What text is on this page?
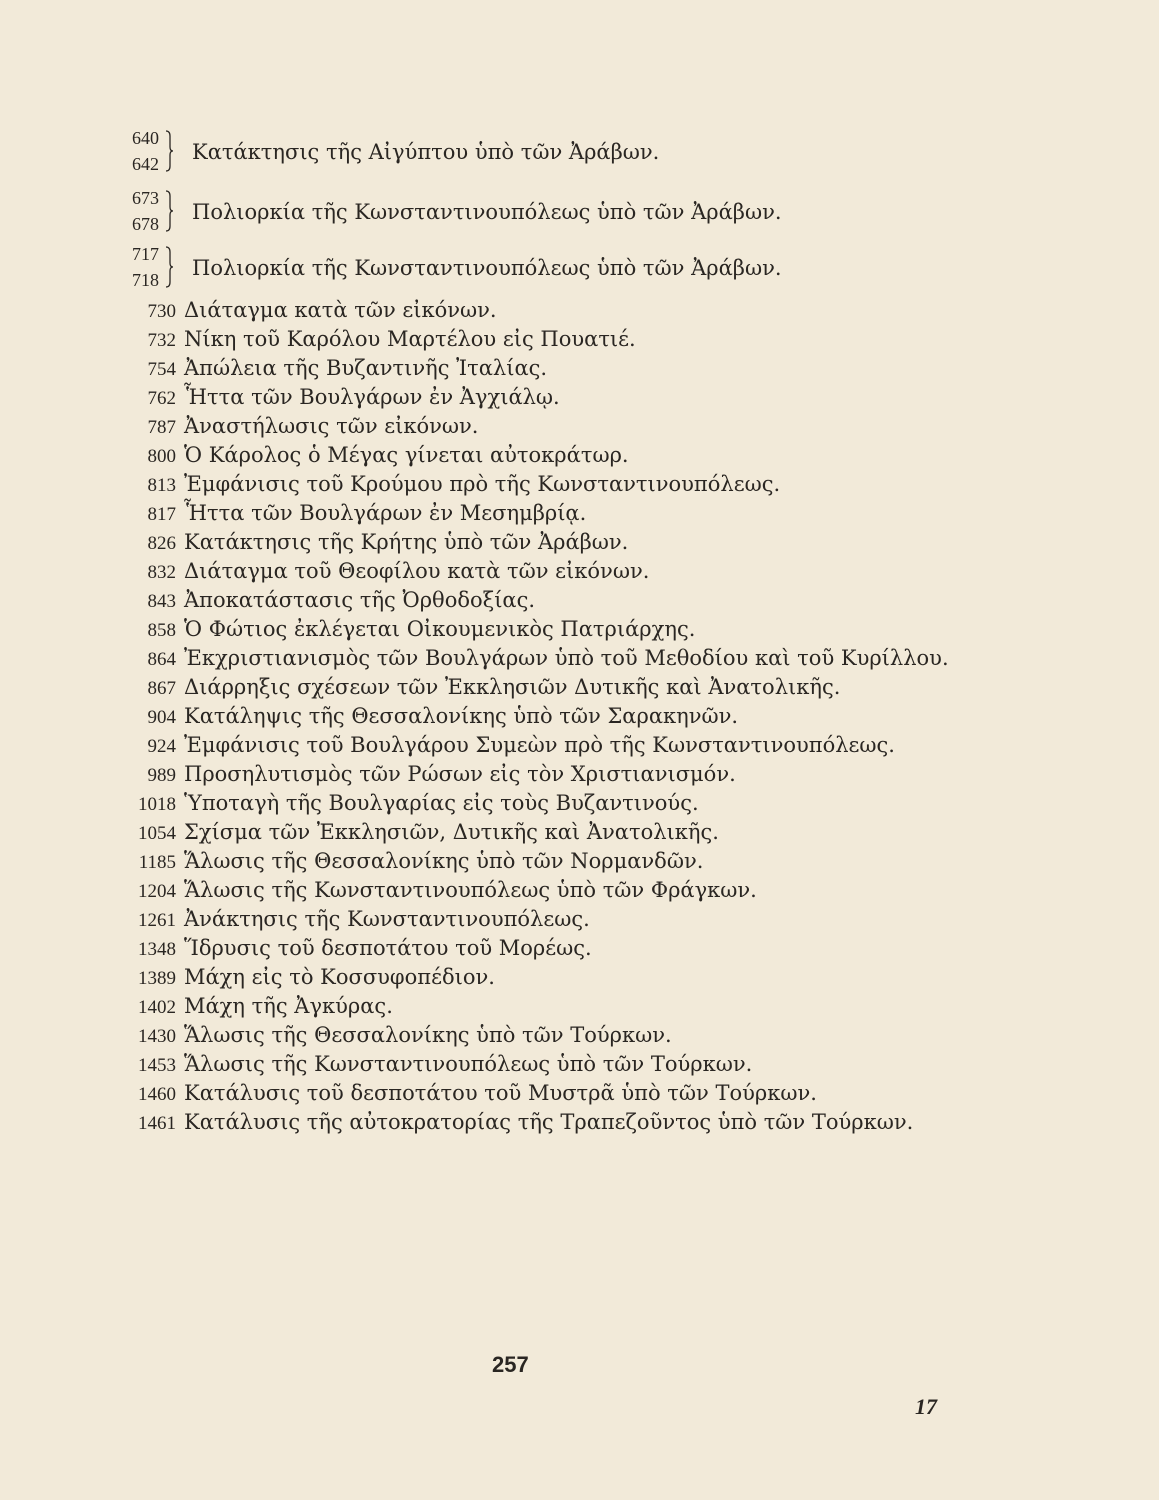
640
642 Κατάκτησις τῆς Αἰγύπτου ὑπὸ τῶν Ἀράβων.
673
678 Πολιορκία τῆς Κωνσταντινουπόλεως ὑπὸ τῶν Ἀράβων.
717
718 Πολιορκία τῆς Κωνσταντινουπόλεως ὑπὸ τῶν Ἀράβων.
730 Διάταγμα κατὰ τῶν εἰκόνων.
732 Νίκη τοῦ Καρόλου Μαρτέλου εἰς Πουατιέ.
754 Ἀπώλεια τῆς Βυζαντινῆς Ἰταλίας.
762 Ἧττα τῶν Βουλγάρων ἐν Ἀγχιάλῳ.
787 Ἀναστήλωσις τῶν εἰκόνων.
800 Ὁ Κάρολος ὁ Μέγας γίνεται αὐτοκράτωρ.
813 Ἐμφάνισις τοῦ Κρούμου πρὸ τῆς Κωνσταντινουπόλεως.
817 Ἧττα τῶν Βουλγάρων ἐν Μεσημβρίᾳ.
826 Κατάκτησις τῆς Κρήτης ὑπὸ τῶν Ἀράβων.
832 Διάταγμα τοῦ Θεοφίλου κατὰ τῶν εἰκόνων.
843 Ἀποκατάστασις τῆς Ὀρθοδοξίας.
858 Ὁ Φώτιος ἐκλέγεται Οἰκουμενικὸς Πατριάρχης.
864 Ἐκχριστιανισμὸς τῶν Βουλγάρων ὑπὸ τοῦ Μεθοδίου καὶ τοῦ Κυρίλλου.
867 Διάρρηξις σχέσεων τῶν Ἐκκλησιῶν Δυτικῆς καὶ Ἀνατολικῆς.
904 Κατάληψις τῆς Θεσσαλονίκης ὑπὸ τῶν Σαρακηνῶν.
924 Ἐμφάνισις τοῦ Βουλγάρου Συμεὼν πρὸ τῆς Κωνσταντινουπόλεως.
989 Προσηλυτισμὸς τῶν Ρώσων εἰς τὸν Χριστιανισμόν.
1018 Ὑποταγὴ τῆς Βουλγαρίας εἰς τοὺς Βυζαντινούς.
1054 Σχίσμα τῶν Ἐκκλησιῶν, Δυτικῆς καὶ Ἀνατολικῆς.
1185 Ἅλωσις τῆς Θεσσαλονίκης ὑπὸ τῶν Νορμανδῶν.
1204 Ἅλωσις τῆς Κωνσταντινουπόλεως ὑπὸ τῶν Φράγκων.
1261 Ἀνάκτησις τῆς Κωνσταντινουπόλεως.
1348 Ἵδρυσις τοῦ δεσποτάτου τοῦ Μορέως.
1389 Μάχη εἰς τὸ Κοσσυφοπέδιον.
1402 Μάχη τῆς Ἀγκύρας.
1430 Ἅλωσις τῆς Θεσσαλονίκης ὑπὸ τῶν Τούρκων.
1453 Ἅλωσις τῆς Κωνσταντινουπόλεως ὑπὸ τῶν Τούρκων.
1460 Κατάλυσις τοῦ δεσποτάτου τοῦ Μυστρᾶ ὑπὸ τῶν Τούρκων.
1461 Κατάλυσις τῆς αὐτοκρατορίας τῆς Τραπεζοῦντος ὑπὸ τῶν Τούρκων.
257
17
